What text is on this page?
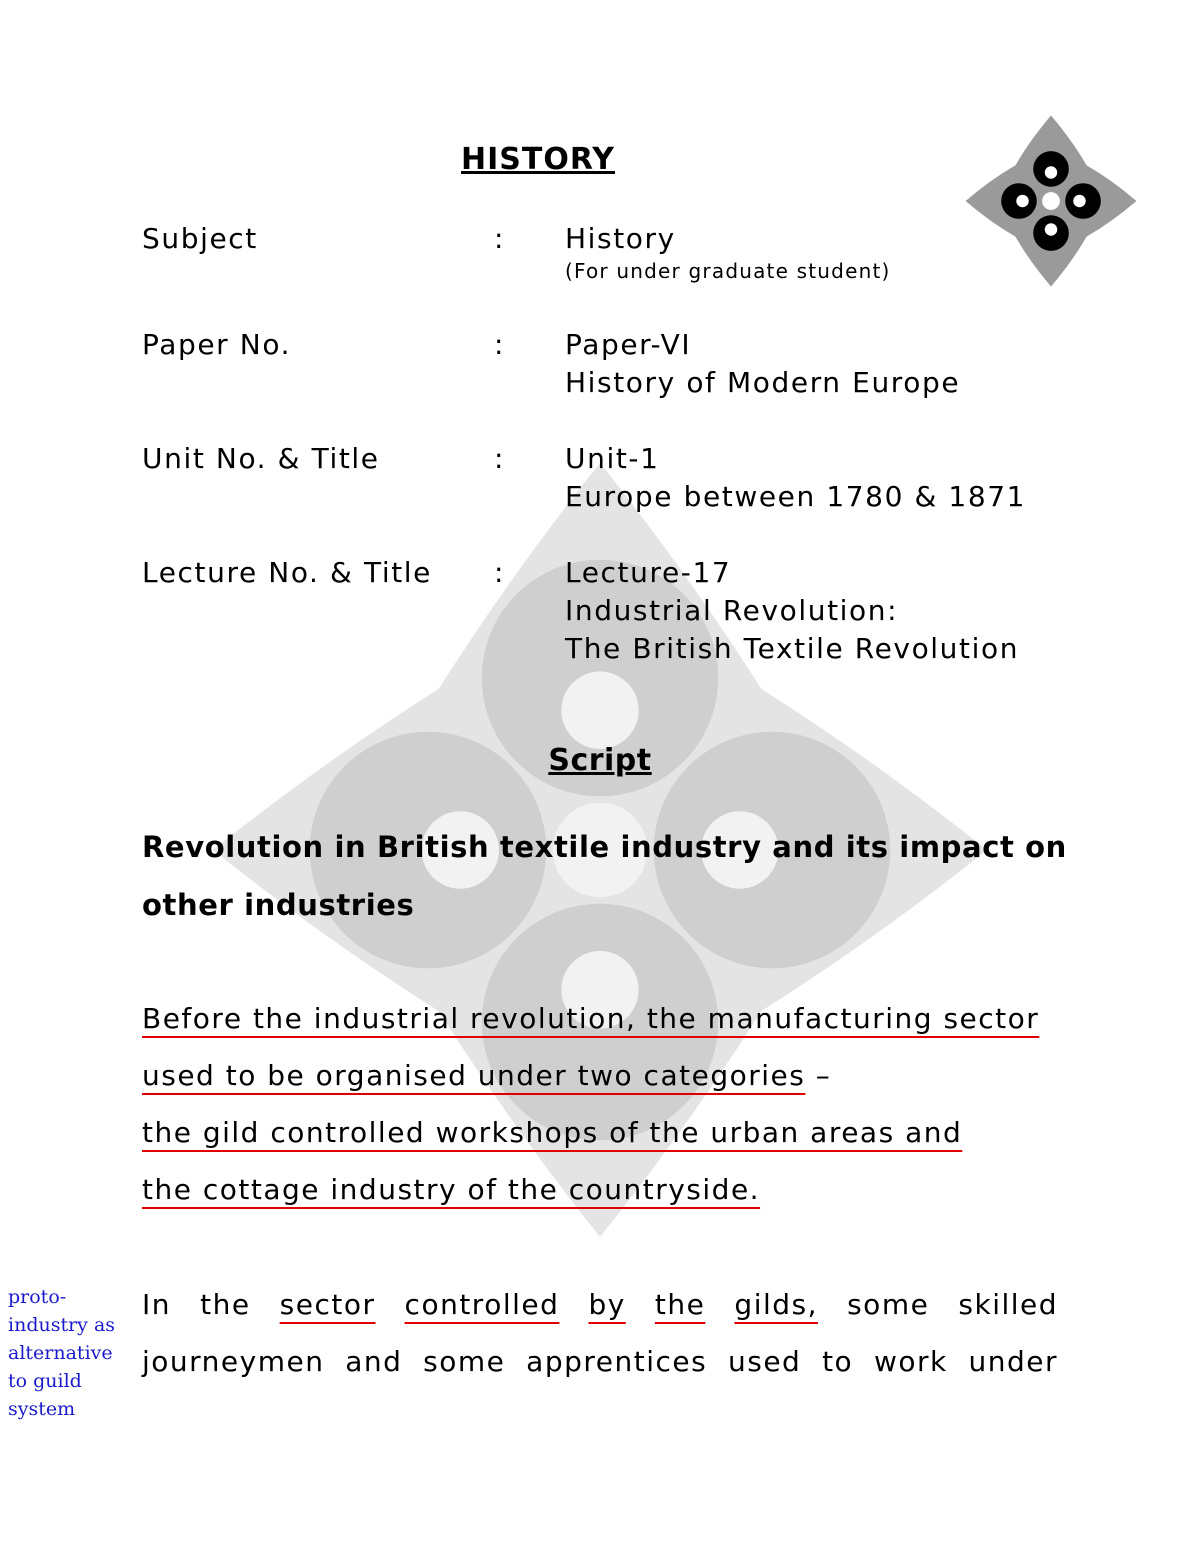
HISTORY
Subject	: History
(For under graduate student)
Paper No.	: Paper-VI
History of Modern Europe
Unit No. & Title	: Unit-1
Europe between 1780 & 1871
Lecture No. & Title : Lecture-17
Industrial Revolution:
The British Textile Revolution
Script
Revolution in British textile industry and its impact on other industries
Before the industrial revolution, the manufacturing sector
used to be organised under two categories –
the gild controlled workshops of the urban areas and
the cottage industry of the countryside.
In the sector controlled by the gilds, some skilled
journeymen and some apprentices used to work under
proto-industry as alternative to guild system
